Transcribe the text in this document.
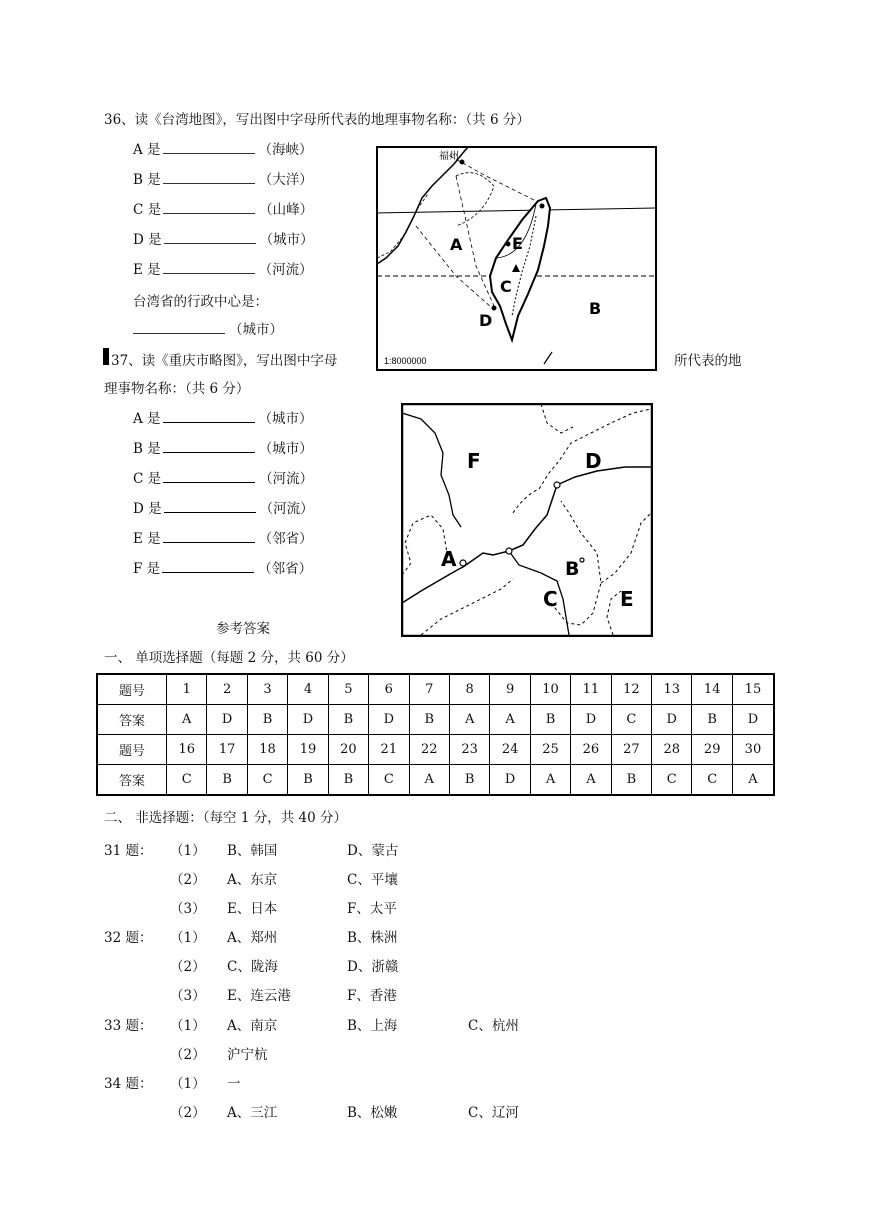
36、读《台湾地图》，写出图中字母所代表的地理事物名称：（共 6 分）
A 是	（海峡）
B 是	（大洋）
C 是	（山峰）
D 是	（城市）
E 是	（河流）
台湾省的行政中心是：
（城市）
福州
A	E
C
D
B
1:8000000
37、读《重庆市略图》，写出图中字母	所代表的地
理事物名称：（共 6 分）
A 是	（城市）
B 是	（城市）
C 是	（河流）
D 是	（河流）
E 是	（邻省）
F 是	（邻省）
F	D
A	B
C	E
参考答案
一、 单项选择题（每题 2 分，共 60 分）
题号	1	2	3	4	5	6	7	8	9	10	11	12	13	14	15
答案	A	D	B	D	B	D	B	A	A	B	D	C	D	B	D
题号	16	17	18	19	20	21	22	23	24	25	26	27	28	29	30
答案	C	B	C	B	B	C	A	B	D	A	A	B	C	C	A
二、 非选择题：（每空 1 分，共 40 分）
31 题： （1） B、韩国	D、蒙古
（2） A、东京	C、平壤
（3） E、日本	F、太平
32 题： （1） A、郑州	B、株洲
（2） C、陇海	D、浙赣
（3） E、连云港	F、香港
33 题： （1） A、南京	B、上海	C、杭州
（2） 沪宁杭
34 题： （1） 一
（2） A、三江	B、松嫩	C、辽河
